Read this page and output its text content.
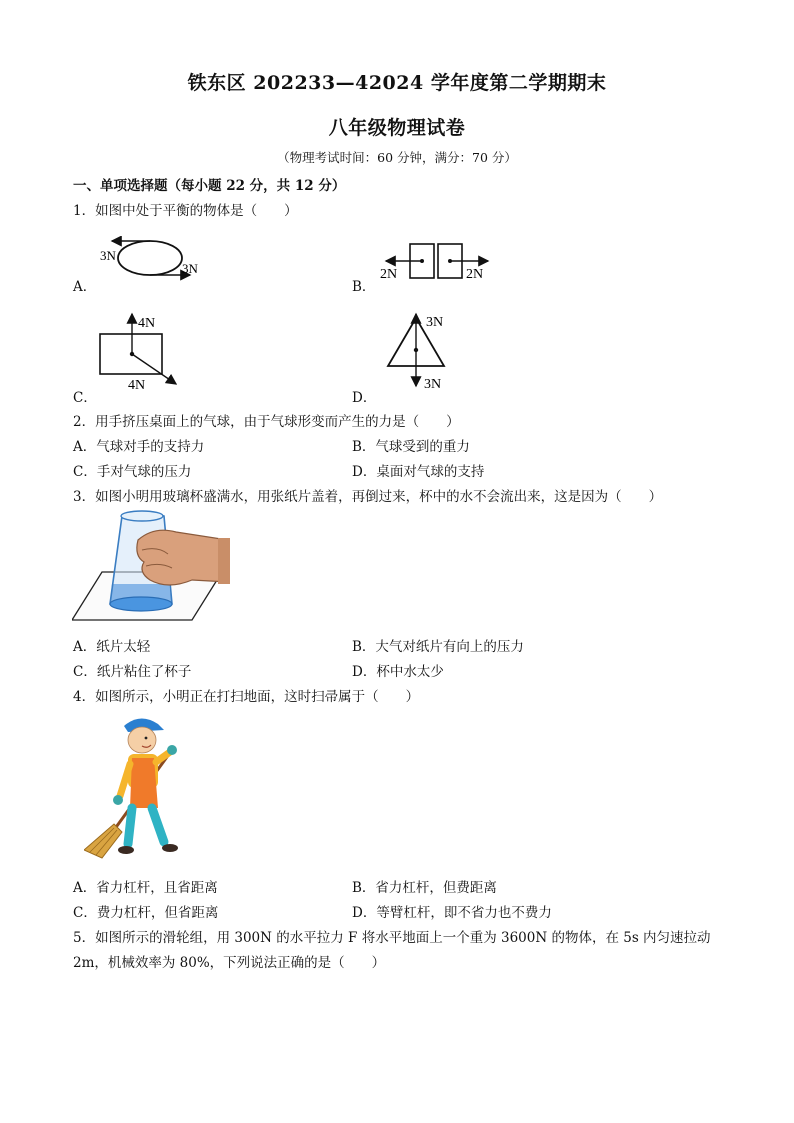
铁东区 202233—42024 学年度第二学期期末
八年级物理试卷
（物理考试时间：60 分钟，满分：70 分）
一、单项选择题（每小题 22 分，共 12 分）
1．如图中处于平衡的物体是（　　）
3N
3N
A．
2N	2N
B．
4N
4N
C．
3N
3N
D．
2．用手挤压桌面上的气球，由于气球形变而产生的力是（　　）
A．气球对手的支持力	B．气球受到的重力
C．手对气球的压力	D．桌面对气球的支持
3．如图小明用玻璃杯盛满水，用张纸片盖着，再倒过来，杯中的水不会流出来，这是因为（　　）
A．纸片太轻	B．大气对纸片有向上的压力
C．纸片粘住了杯子	D．杯中水太少
4．如图所示，小明正在打扫地面，这时扫帚属于（　　）
A．省力杠杆，且省距离	B．省力杠杆，但费距离
C．费力杠杆，但省距离	D．等臂杠杆，即不省力也不费力
5．如图所示的滑轮组，用 300N 的水平拉力 F 将水平地面上一个重为 3600N 的物体，在 5s 内匀速拉动
2m，机械效率为 80%，下列说法正确的是（　　）
